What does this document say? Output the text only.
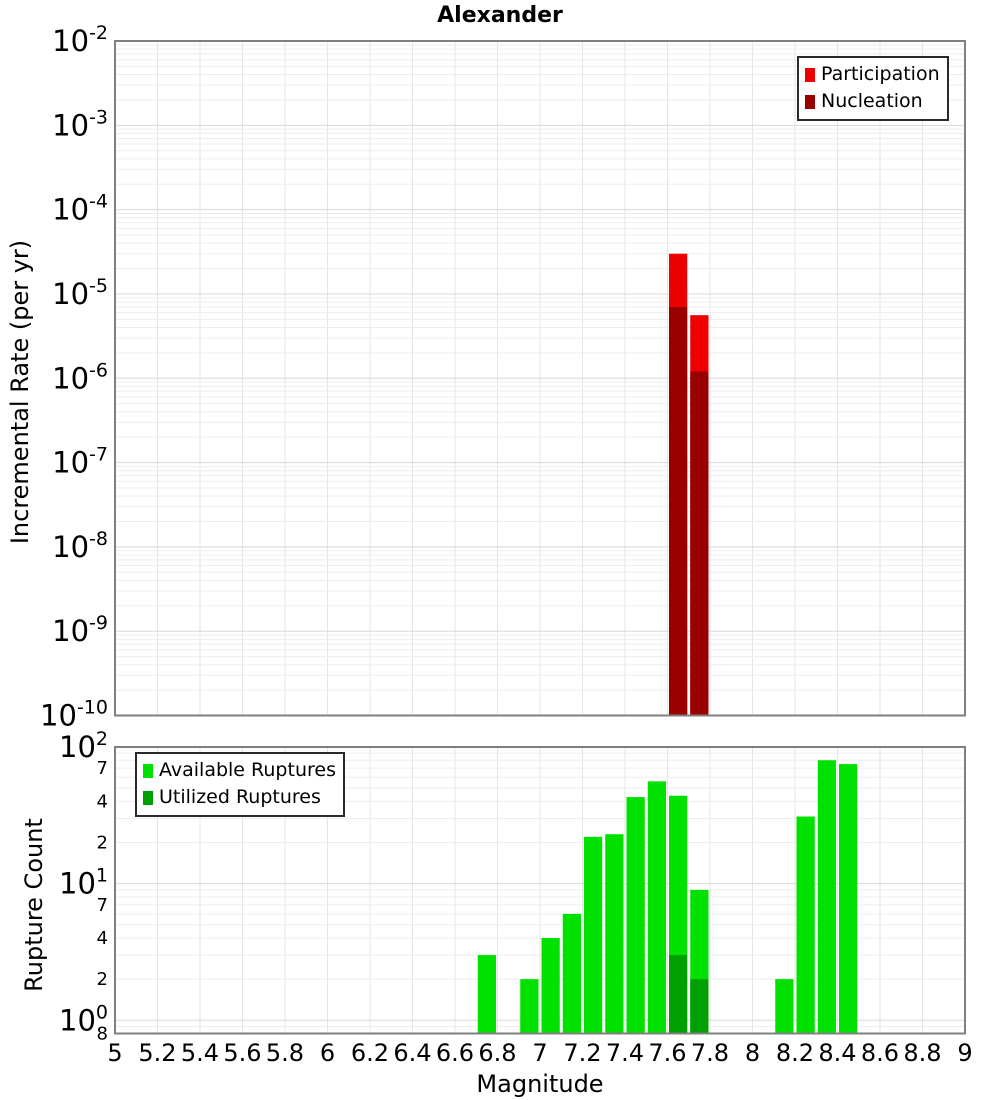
$10^{-2}$
$10^{-3}$
$10^{-4}$
$10^{-5}$
$10^{-6}$
$10^{-7}$
$10^{-8}$
$10^{-9}$
$10^{-10}$
$10^2$
7
4
2
$10^1$
7
4
2
$10^0$
8
5 5.2 5.4 5.6 5.8 6 6.2 6.4 6.6 6.8 7 7.2 7.4 7.6 7.8 8 8.2 8.4 8.6 8.8 9
Alexander
Incremental Rate (per yr)
Rupture Count
Magnitude
Participation
Nucleation
Available Ruptures
Utilized Ruptures
